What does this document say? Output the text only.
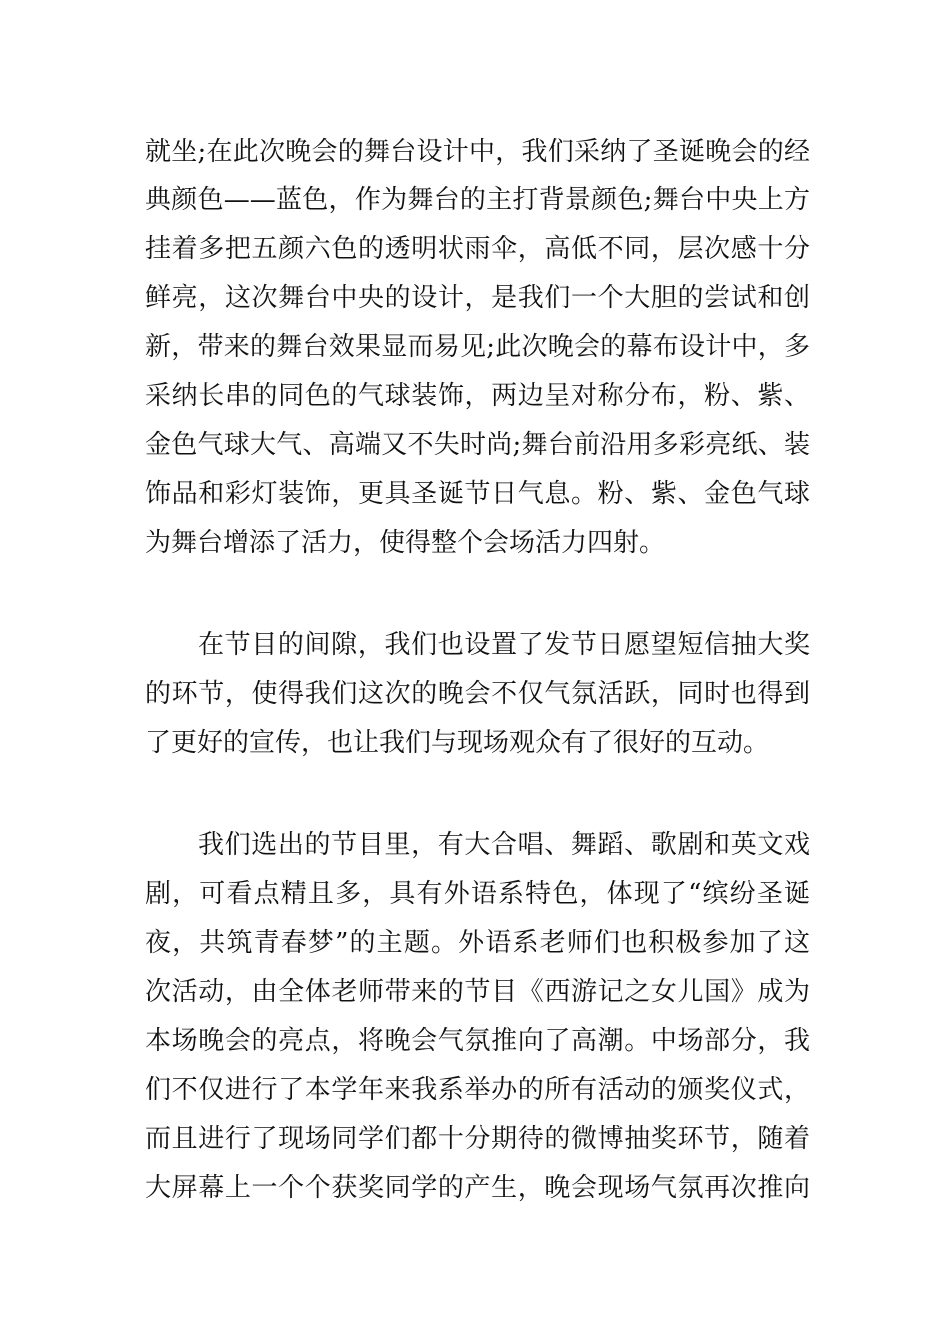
就坐;在此次晚会的舞台设计中，我们采纳了圣诞晚会的经
典颜色——蓝色，作为舞台的主打背景颜色;舞台中央上方
挂着多把五颜六色的透明状雨伞，高低不同，层次感十分
鲜亮，这次舞台中央的设计，是我们一个大胆的尝试和创
新，带来的舞台效果显而易见;此次晚会的幕布设计中，多
采纳长串的同色的气球装饰，两边呈对称分布，粉、紫、
金色气球大气、高端又不失时尚;舞台前沿用多彩亮纸、装
饰品和彩灯装饰，更具圣诞节日气息。粉、紫、金色气球
为舞台增添了活力，使得整个会场活力四射。
在节目的间隙，我们也设置了发节日愿望短信抽大奖
的环节，使得我们这次的晚会不仅气氛活跃，同时也得到
了更好的宣传，也让我们与现场观众有了很好的互动。
我们选出的节目里，有大合唱、舞蹈、歌剧和英文戏
剧，可看点精且多，具有外语系特色，体现了“缤纷圣诞
夜，共筑青春梦”的主题。外语系老师们也积极参加了这
次活动，由全体老师带来的节目《西游记之女儿国》成为
本场晚会的亮点，将晚会气氛推向了高潮。中场部分，我
们不仅进行了本学年来我系举办的所有活动的颁奖仪式，
而且进行了现场同学们都十分期待的微博抽奖环节，随着
大屏幕上一个个获奖同学的产生，晚会现场气氛再次推向
